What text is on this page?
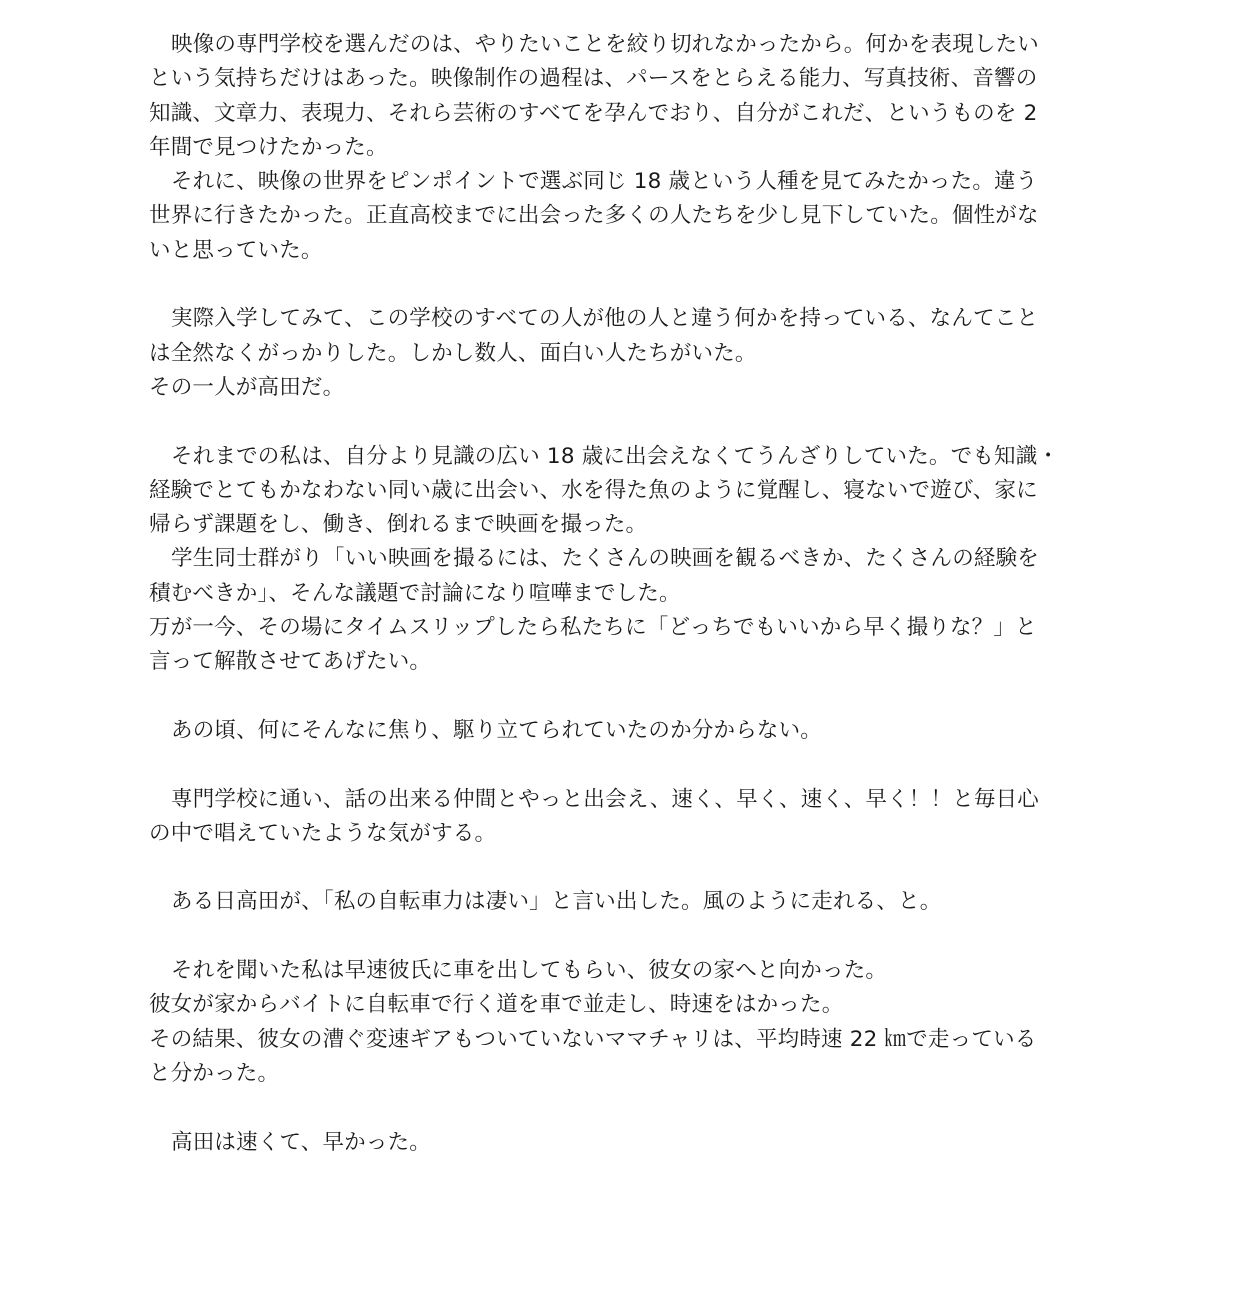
映像の専門学校を選んだのは、やりたいことを絞り切れなかったから。何かを表現したい
という気持ちだけはあった。映像制作の過程は、パースをとらえる能力、写真技術、音響の
知識、文章力、表現力、それら芸術のすべてを孕んでおり、自分がこれだ、というものを 2
年間で見つけたかった。
それに、映像の世界をピンポイントで選ぶ同じ 18 歳という人種を見てみたかった。違う
世界に行きたかった。正直高校までに出会った多くの人たちを少し見下していた。個性がな
いと思っていた。
実際入学してみて、この学校のすべての人が他の人と違う何かを持っている、なんてこと
は全然なくがっかりした。しかし数人、面白い人たちがいた。
その一人が高田だ。
それまでの私は、自分より見識の広い 18 歳に出会えなくてうんざりしていた。でも知識・
経験でとてもかなわない同い歳に出会い、水を得た魚のように覚醒し、寝ないで遊び、家に
帰らず課題をし、働き、倒れるまで映画を撮った。
学生同士群がり「いい映画を撮るには、たくさんの映画を観るべきか、たくさんの経験を
積むべきか」、そんな議題で討論になり喧嘩までした。
万が一今、その場にタイムスリップしたら私たちに「どっちでもいいから早く撮りな？」と
言って解散させてあげたい。
あの頃、何にそんなに焦り、駆り立てられていたのか分からない。
専門学校に通い、話の出来る仲間とやっと出会え、速く、早く、速く、早く！！と毎日心
の中で唱えていたような気がする。
ある日高田が、「私の自転車力は凄い」と言い出した。風のように走れる、と。
それを聞いた私は早速彼氏に車を出してもらい、彼女の家へと向かった。
彼女が家からバイトに自転車で行く道を車で並走し、時速をはかった。
その結果、彼女の漕ぐ変速ギアもついていないママチャリは、平均時速 22 ㎞で走っている
と分かった。
高田は速くて、早かった。
